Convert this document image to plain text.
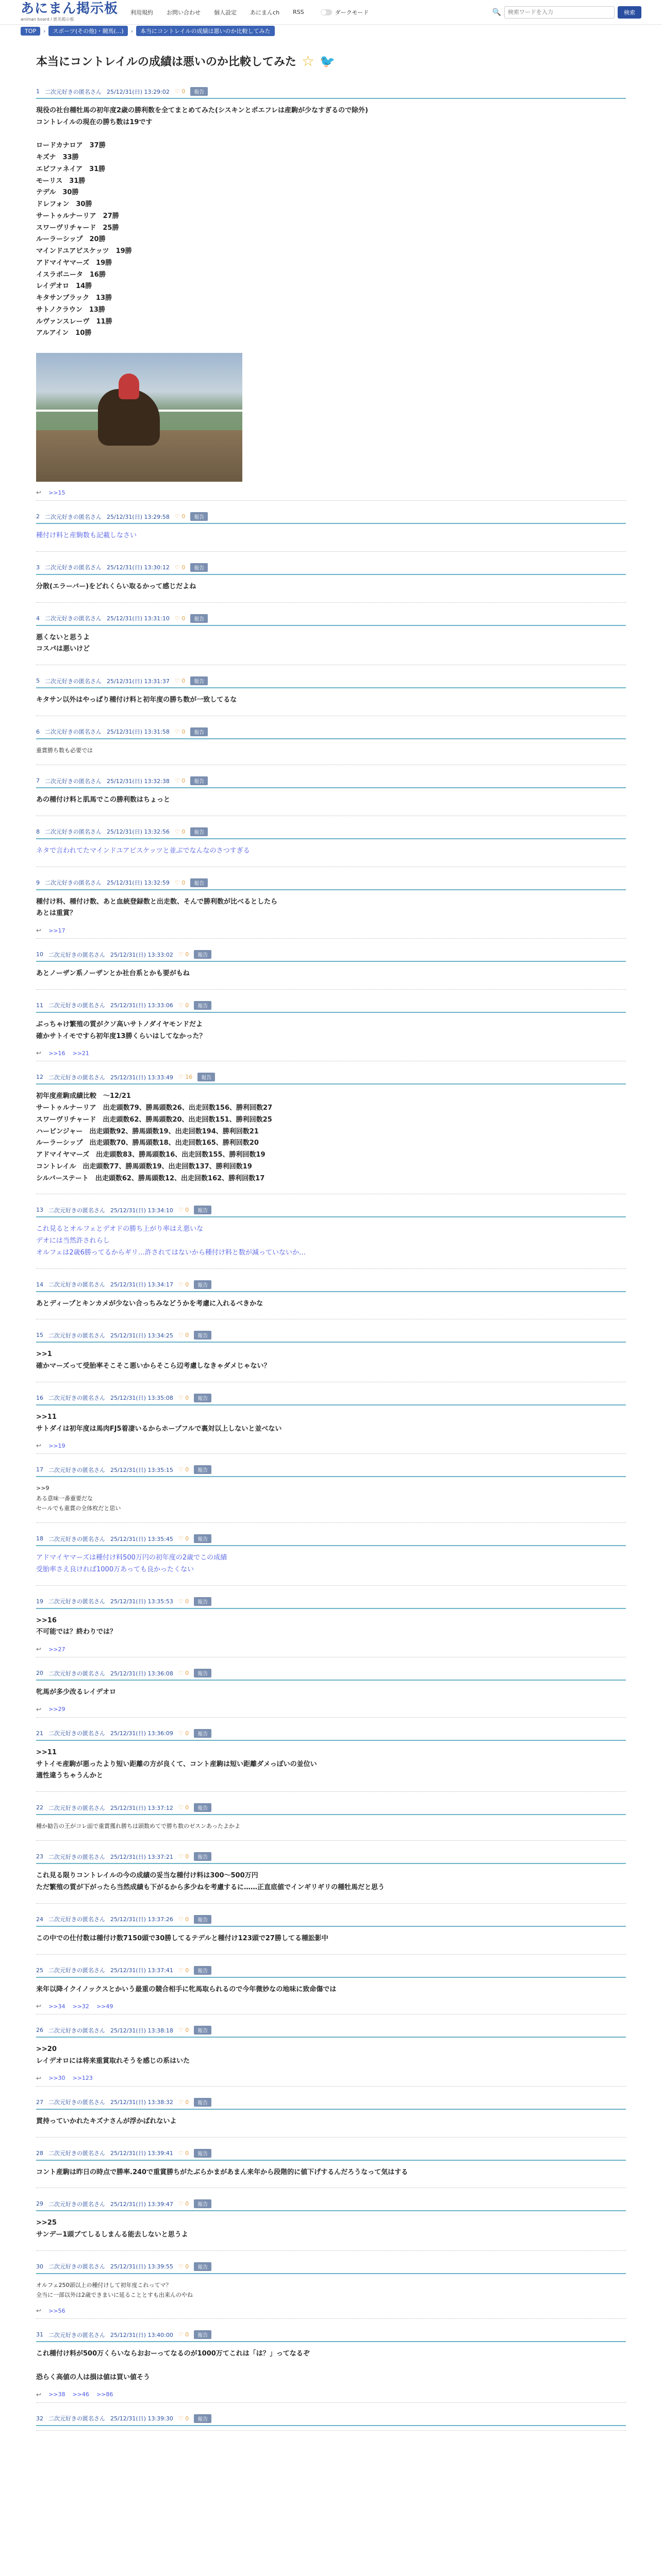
あにまん掲示板
animan board / 匿名掲示板
利用規約 お問い合わせ 個人設定 あにまんch RSS	ダークモード	🔍
検索ワードを入力	検索
TOP	›	スポーツ(その他)・競馬(...)	›	本当にコントレイルの成績は悪いのか比較してみた
本当にコントレイルの成績は悪いのか比較してみた ☆ 🐦
1 二次元好きの匿名さん 25/12/31(日) 13:29:02 ♡ 0	報告
現役の社台種牡馬の初年度2歳の勝利数を全てまとめてみた(シスキンとポエフレは産駒が少なすぎるので除外)
コントレイルの現在の勝ち数は19です

ロードカナロア　37勝
キズナ　33勝
エピファネイア　31勝
モーリス　31勝
テデル　30勝
ドレフォン　30勝
サートゥルナーリア　27勝
スワーヴリチャード　25勝
ルーラーシップ　20勝
マインドユアビスケッツ　19勝
アドマイヤマーズ　19勝
イスラボニータ　16勝
レイデオロ　14勝
キタサンブラック　13勝
サトノクラウン　13勝
ルヴァンスレーヴ　11勝
アルアイン　10勝
↩ >>15
2 二次元好きの匿名さん 25/12/31(日) 13:29:58 ♡ 0	報告
種付け料と産駒数も記載しなさい
3 二次元好きの匿名さん 25/12/31(日) 13:30:12 ♡ 0	報告
分散(エラーバー)をどれくらい取るかって感じだよね
4 二次元好きの匿名さん 25/12/31(日) 13:31:10 ♡ 0	報告
悪くないと思うよ
コスパは悪いけど
5 二次元好きの匿名さん 25/12/31(日) 13:31:37 ♡ 0	報告
キタサン以外はやっぱり種付け料と初年度の勝ち数が一致してるな
6 二次元好きの匿名さん 25/12/31(日) 13:31:58 ♡ 0	報告
重賞勝ち数も必要では
7 二次元好きの匿名さん 25/12/31(日) 13:32:38 ♡ 0	報告
あの種付け料と肌馬でこの勝利数はちょっと
8 二次元好きの匿名さん 25/12/31(日) 13:32:56 ♡ 0	報告
ネタで言われてたマインドユアビスケッツと並ぶでなんなのさつすぎる
9 二次元好きの匿名さん 25/12/31(日) 13:32:59 ♡ 0	報告
種付け料、種付け数、あと血統登録数と出走数、そんで勝利数が比べるとしたら
あとは重賞？
↩ >>17
10 二次元好きの匿名さん 25/12/31(日) 13:33:02 ♡ 0	報告
あとノーザン系ノーザンとか社台系とかも要がもね
11 二次元好きの匿名さん 25/12/31(日) 13:33:06 ♡ 0	報告
ぶっちゃけ繁殖の質がクソ高いサトノダイヤモンドだよ
確かサトイモですら初年度13勝くらいはしてなかった？
↩ >>16 >>21
12 二次元好きの匿名さん 25/12/31(日) 13:33:49 ♡ 16	報告
初年度産駒成績比較　〜12/21
サートゥルナーリア　出走頭数79、勝馬頭数26、出走回数156、勝利回数27
スワーヴリチャード　出走頭数62、勝馬頭数20、出走回数151、勝利回数25
ハービンジャー　出走頭数92、勝馬頭数19、出走回数194、勝利回数21
ルーラーシップ　出走頭数70、勝馬頭数18、出走回数165、勝利回数20
アドマイヤマーズ　出走頭数83、勝馬頭数16、出走回数155、勝利回数19
コントレイル　出走頭数77、勝馬頭数19、出走回数137、勝利回数19
シルバーステート　出走頭数62、勝馬頭数12、出走回数162、勝利回数17
13 二次元好きの匿名さん 25/12/31(日) 13:34:10 ♡ 0	報告
これ見るとオルフェとデオドの勝ち上がり率はえ悪いな
デオには当然許されらし
オルフェは2歳6勝ってるからギリ…許されてはないから種付け料と数が減っていないか…
14 二次元好きの匿名さん 25/12/31(日) 13:34:17 ♡ 0	報告
あとディープとキンカメが少ない合っちみなどうかを考慮に入れるべきかな
15 二次元好きの匿名さん 25/12/31(日) 13:34:25 ♡ 0	報告
>>1
確かマーズって受胎率そこそこ悪いからそこら辺考慮しなきゃダメじゃない？
16 二次元好きの匿名さん 25/12/31(日) 13:35:08 ♡ 0	報告
>>11
サトダイは初年度は馬肉FJ5着凄いるからホープフルで裏対以上しないと並べない
↩ >>19
17 二次元好きの匿名さん 25/12/31(日) 13:35:15 ♡ 0	報告
>>9
ある意味一番重要だな
セールでも重賞の全体枚だと思い
18 二次元好きの匿名さん 25/12/31(日) 13:35:45 ♡ 0	報告
アドマイヤマーズは種付け料500万円の初年度の2歳でこの成績
受胎率さえ良ければ1000万あっても良かったくない
19 二次元好きの匿名さん 25/12/31(日) 13:35:53 ♡ 0	報告
>>16
不可能では？終わりでは？
↩ >>27
20 二次元好きの匿名さん 25/12/31(日) 13:36:08 ♡ 0	報告
牝馬が多少改るレイデオロ
↩ >>29
21 二次元好きの匿名さん 25/12/31(日) 13:36:09 ♡ 0	報告
>>11
サトイモ産駒が悪ったより短い距離の方が良くて、コント産駒は短い距離ダメっぽいの並位い
適性違うちゃうんかと
22 二次元好きの匿名さん 25/12/31(日) 13:37:12 ♡ 0	報告
種か勧告の王がコレ面で重賞獲れ勝ちは頭数めてで勝ち数のゼスンあったよかよ
23 二次元好きの匿名さん 25/12/31(日) 13:37:21 ♡ 0	報告
これ見る限りコントレイルの今の成績の妥当な種付け料は300〜500万円
ただ繁殖の質が下がったら当然成績も下がるから多少ねを考慮するに……正直底値でインギリギリの種牡馬だと思う
24 二次元好きの匿名さん 25/12/31(日) 13:37:26 ♡ 0	報告
この中での仕付数は種付け数7150頭で30勝してるテデルと種付け123頭で27勝してる種訟影中
25 二次元好きの匿名さん 25/12/31(日) 13:37:41 ♡ 0	報告
来年以降イクイノックスとかいう最重の競合相手に牝馬取られるので今年微妙なの地味に致命傷では
↩ >>34 >>32 >>49
26 二次元好きの匿名さん 25/12/31(日) 13:38:18 ♡ 0	報告
>>20
レイデオロには将来重賞取れそうを感じの系はいた
↩ >>30 >>123
27 二次元好きの匿名さん 25/12/31(日) 13:38:32 ♡ 0	報告
貫持っていかれたキズナさんが浮かばれないよ
28 二次元好きの匿名さん 25/12/31(日) 13:39:41 ♡ 0	報告
コント産駒は昨日の時点で勝率.240で重賞勝ちがたぶらかまがあまん来年から段階的に値下げするんだろうなって気はする
29 二次元好きの匿名さん 25/12/31(日) 13:39:47 ♡ 0	報告
>>25
サンデー1頭ブてしるしまんる能去しないと思うよ
30 二次元好きの匿名さん 25/12/31(日) 13:39:55 ♡ 0	報告
オルフェ250頭以上の種付けして初年度これってマ？
全当に一部以外は2歳できまいに延ることとすも出来んのやね
↩ >>56
31 二次元好きの匿名さん 25/12/31(日) 13:40:00 ♡ 0	報告
これ種付け料が500万くらいならおおーってなるのが1000万てこれは「は？」ってなるぞ

恐らく高値の人は損は値は買い値そう
↩ >>38 >>46 >>86
32 二次元好きの匿名さん 25/12/31(日) 13:39:30 ♡ 0	報告
